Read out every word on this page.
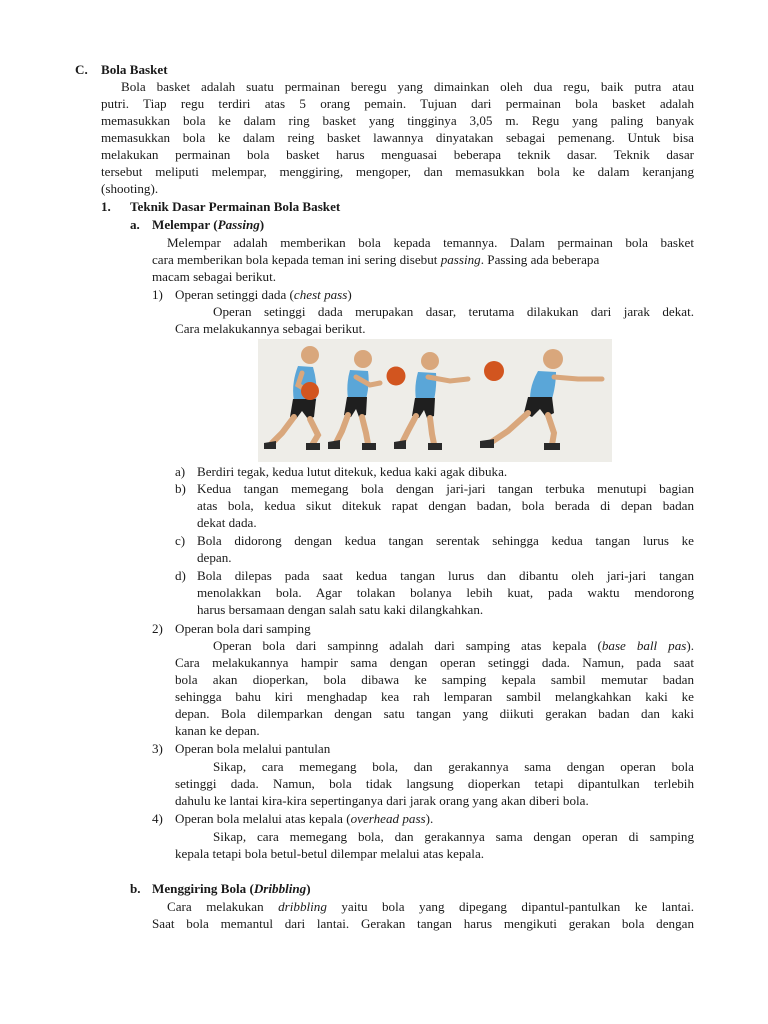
C. Bola Basket
Bola basket adalah suatu permainan beregu yang dimainkan oleh dua regu, baik putra atau
putri. Tiap regu terdiri atas 5 orang pemain. Tujuan dari permainan bola basket adalah
memasukkan bola ke dalam ring basket yang tingginya 3,05 m. Regu yang paling banyak
memasukkan bola ke dalam reing basket lawannya dinyatakan sebagai pemenang. Untuk bisa
melakukan permainan bola basket harus menguasai beberapa teknik dasar. Teknik dasar
tersebut meliputi melempar, menggiring, mengoper, dan memasukkan bola ke dalam keranjang
(shooting).
1. Teknik Dasar Permainan Bola Basket
a. Melempar (Passing)
Melempar adalah memberikan bola kepada temannya. Dalam permainan bola basket
cara memberikan bola kepada teman ini sering disebut passing. Passing ada beberapa
macam sebagai berikut.
1) Operan setinggi dada (chest pass)
Operan setinggi dada merupakan dasar, terutama dilakukan dari jarak dekat.
Cara melakukannya sebagai berikut.
a) Berdiri tegak, kedua lutut ditekuk, kedua kaki agak dibuka.
b) Kedua tangan memegang bola dengan jari-jari tangan terbuka menutupi bagian
atas bola, kedua sikut ditekuk rapat dengan badan, bola berada di depan badan
dekat dada.
c) Bola didorong dengan kedua tangan serentak sehingga kedua tangan lurus ke
depan.
d) Bola dilepas pada saat kedua tangan lurus dan dibantu oleh jari-jari tangan
menolakkan bola. Agar tolakan bolanya lebih kuat, pada waktu mendorong
harus bersamaan dengan salah satu kaki dilangkahkan.
2) Operan bola dari samping
Operan bola dari sampinng adalah dari samping atas kepala (base ball pas).
Cara melakukannya hampir sama dengan operan setinggi dada. Namun, pada saat
bola akan dioperkan, bola dibawa ke samping kepala sambil memutar badan
sehingga bahu kiri menghadap kea rah lemparan sambil melangkahkan kaki ke
depan. Bola dilemparkan dengan satu tangan yang diikuti gerakan badan dan kaki
kanan ke depan.
3) Operan bola melalui pantulan
Sikap, cara memegang bola, dan gerakannya sama dengan operan bola
setinggi dada. Namun, bola tidak langsung dioperkan tetapi dipantulkan terlebih
dahulu ke lantai kira-kira sepertinganya dari jarak orang yang akan diberi bola.
4) Operan bola melalui atas kepala (overhead pass).
Sikap, cara memegang bola, dan gerakannya sama dengan operan di samping
kepala tetapi bola betul-betul dilempar melalui atas kepala.
b. Menggiring Bola (Dribbling)
Cara melakukan dribbling yaitu bola yang dipegang dipantul-pantulkan ke lantai.
Saat bola memantul dari lantai. Gerakan tangan harus mengikuti gerakan bola dengan
